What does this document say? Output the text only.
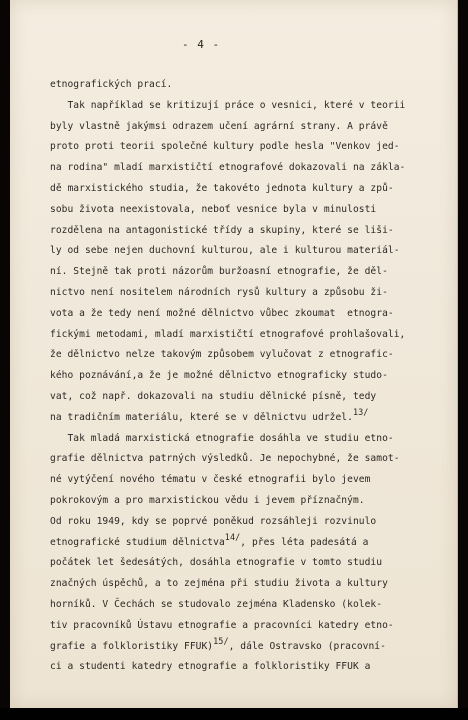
- 4 -
etnografických prací.
Tak například se kritizují práce o vesnici, které v teorii
byly vlastně jakýmsi odrazem učení agrární strany. A právě
proto proti teorii společné kultury podle hesla "Venkov jed-
na rodina" mladí marxističtí etnografové dokazovali na zákla-
dě marxistického studia, že takovéto jednota kultury a způ-
sobu života neexistovala, neboť vesnice byla v minulosti
rozdělena na antagonistické třídy a skupiny, které se liši-
ly od sebe nejen duchovní kulturou, ale i kulturou materiál-
ní. Stejně tak proti názorům buržoasní etnografie, že děl-
nictvo není nositelem národních rysů kultury a způsobu ži-
vota a že tedy není možné dělnictvo vůbec zkoumat  etnogra-
fickými metodami, mladí marxističtí etnografové prohlašovali,
že dělnictvo nelze takovým způsobem vylučovat z etnografic-
kého poznávání,a že je možné dělnictvo etnograficky studo-
vat, což např. dokazovali na studiu dělnické písně, tedy
na tradičním materiálu, které se v dělnictvu udržel.13/
Tak mladá marxistická etnografie dosáhla ve studiu etno-
grafie dělnictva patrných výsledků. Je nepochybné, že samot-
né vytýčení nového tématu v české etnografii bylo jevem
pokrokovým a pro marxistickou vědu i jevem příznačným.
Od roku 1949, kdy se poprvé poněkud rozsáhleji rozvinulo
etnografické studium dělnictva14/, přes léta padesátá a
počátek let šedesátých, dosáhla etnografie v tomto studiu
značných úspěchů, a to zejména při studiu života a kultury
horníků. V Čechách se studovalo zejména Kladensko (kolek-
tiv pracovníků Ústavu etnografie a pracovníci katedry etno-
grafie a folkloristiky FFUK)15/, dále Ostravsko (pracovní-
ci a studenti katedry etnografie a folkloristiky FFUK a
